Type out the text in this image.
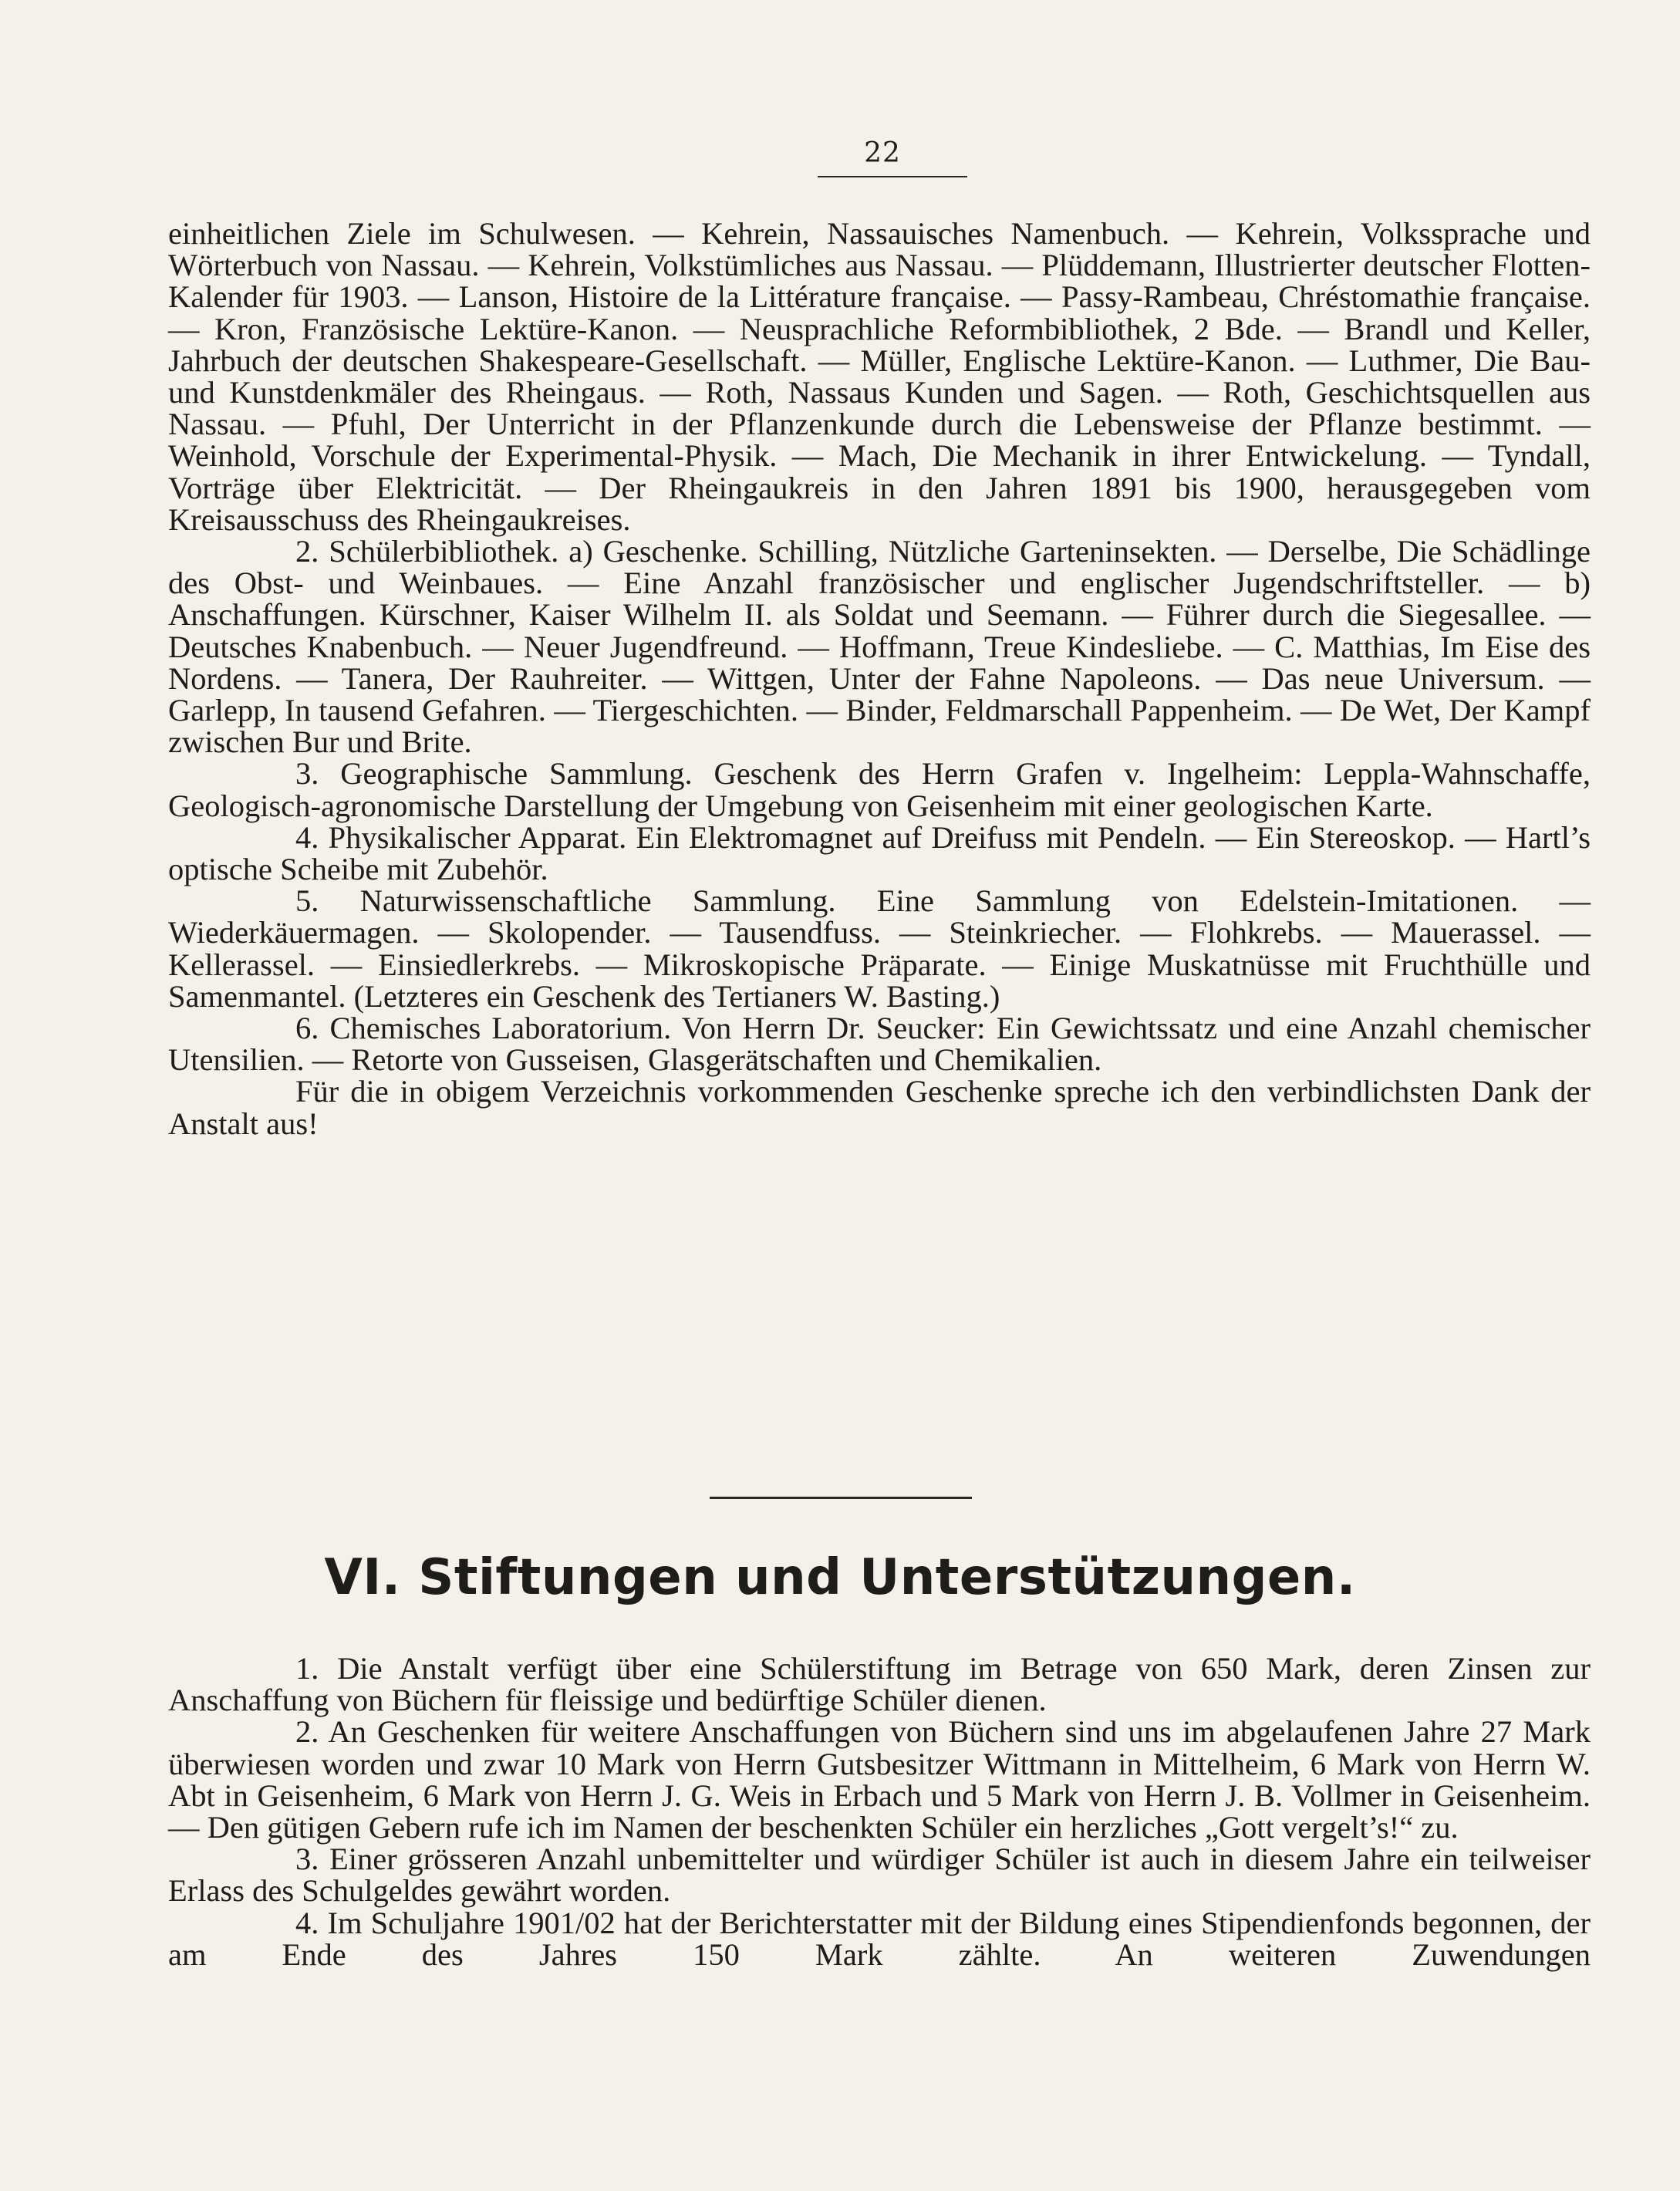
22

einheitlichen Ziele im Schulwesen. — Kehrein, Nassauisches Namenbuch. — Kehrein, Volkssprache und Wörterbuch von Nassau. — Kehrein, Volkstümliches aus Nassau. — Plüddemann, Illustrierter deutscher Flotten-Kalender für 1903. — Lanson, Histoire de la Littérature française. — Passy-Rambeau, Chréstomathie française. — Kron, Französische Lektüre-Kanon. — Neusprachliche Reformbibliothek, 2 Bde. — Brandl und Keller, Jahrbuch der deutschen Shakespeare-Gesellschaft. — Müller, Englische Lektüre-Kanon. — Luthmer, Die Bau- und Kunstdenkmäler des Rheingaus. — Roth, Nassaus Kunden und Sagen. — Roth, Geschichtsquellen aus Nassau. — Pfuhl, Der Unterricht in der Pflanzenkunde durch die Lebensweise der Pflanze bestimmt. — Weinhold, Vorschule der Experimental-Physik. — Mach, Die Mechanik in ihrer Entwickelung. — Tyndall, Vorträge über Elektricität. — Der Rheingaukreis in den Jahren 1891 bis 1900, herausgegeben vom Kreisausschuss des Rheingaukreises.

2. Schülerbibliothek. a) Geschenke. Schilling, Nützliche Garteninsekten. — Derselbe, Die Schädlinge des Obst- und Weinbaues. — Eine Anzahl französischer und englischer Jugendschriftsteller. — b) Anschaffungen. Kürschner, Kaiser Wilhelm II. als Soldat und Seemann. — Führer durch die Siegesallee. — Deutsches Knabenbuch. — Neuer Jugendfreund. — Hoffmann, Treue Kindesliebe. — C. Matthias, Im Eise des Nordens. — Tanera, Der Rauhreiter. — Wittgen, Unter der Fahne Napoleons. — Das neue Universum. — Garlepp, In tausend Gefahren. — Tiergeschichten. — Binder, Feldmarschall Pappenheim. — De Wet, Der Kampf zwischen Bur und Brite.

3. Geographische Sammlung. Geschenk des Herrn Grafen v. Ingelheim: Leppla-Wahnschaffe, Geologisch-agronomische Darstellung der Umgebung von Geisenheim mit einer geologischen Karte.

4. Physikalischer Apparat. Ein Elektromagnet auf Dreifuss mit Pendeln. — Ein Stereoskop. — Hartl’s optische Scheibe mit Zubehör.

5. Naturwissenschaftliche Sammlung. Eine Sammlung von Edelstein-Imitationen. — Wiederkäuermagen. — Skolopender. — Tausendfuss. — Steinkriecher. — Flohkrebs. — Mauerassel. — Kellerassel. — Einsiedlerkrebs. — Mikroskopische Präparate. — Einige Muskatnüsse mit Fruchthülle und Samenmantel. (Letzteres ein Geschenk des Tertianers W. Basting.)

6. Chemisches Laboratorium. Von Herrn Dr. Seucker: Ein Gewichtssatz und eine Anzahl chemischer Utensilien. — Retorte von Gusseisen, Glasgerätschaften und Chemikalien.

Für die in obigem Verzeichnis vorkommenden Geschenke spreche ich den verbindlichsten Dank der Anstalt aus!

VI. Stiftungen und Unterstützungen.

1. Die Anstalt verfügt über eine Schülerstiftung im Betrage von 650 Mark, deren Zinsen zur Anschaffung von Büchern für fleissige und bedürftige Schüler dienen.

2. An Geschenken für weitere Anschaffungen von Büchern sind uns im abgelaufenen Jahre 27 Mark überwiesen worden und zwar 10 Mark von Herrn Gutsbesitzer Wittmann in Mittelheim, 6 Mark von Herrn W. Abt in Geisenheim, 6 Mark von Herrn J. G. Weis in Erbach und 5 Mark von Herrn J. B. Vollmer in Geisenheim. — Den gütigen Gebern rufe ich im Namen der beschenkten Schüler ein herzliches „Gott vergelt’s!“ zu.

3. Einer grösseren Anzahl unbemittelter und würdiger Schüler ist auch in diesem Jahre ein teilweiser Erlass des Schulgeldes gewährt worden.

4. Im Schuljahre 1901/02 hat der Berichterstatter mit der Bildung eines Stipendienfonds begonnen, der am Ende des Jahres 150 Mark zählte. An weiteren Zuwendungen
